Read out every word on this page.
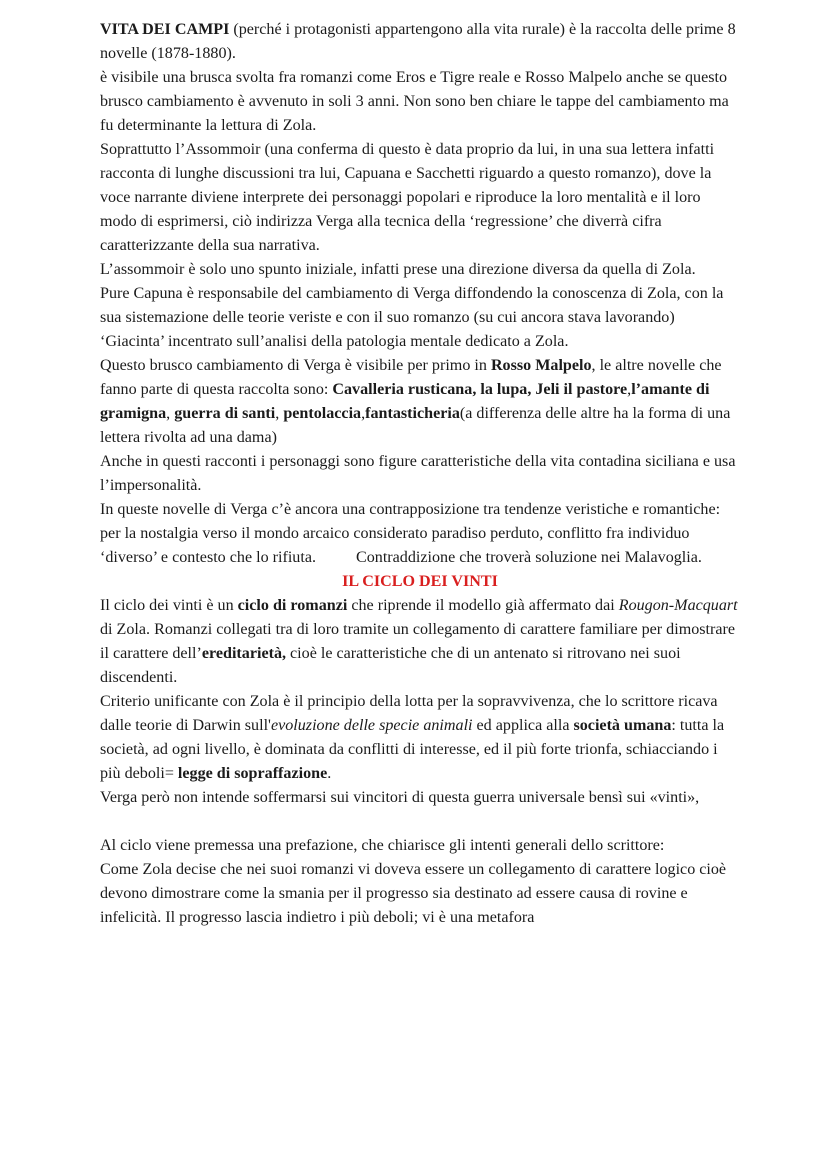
VITA DEI CAMPI (perché i protagonisti appartengono alla vita rurale) è la raccolta delle prime 8 novelle (1878-1880).

è visibile una brusca svolta fra romanzi come Eros e Tigre reale e Rosso Malpelo anche se questo brusco cambiamento è avvenuto in soli 3 anni. Non sono ben chiare le tappe del cambiamento ma fu determinante la lettura di Zola.

Soprattutto l’Assommoir (una conferma di questo è data proprio da lui, in una sua lettera infatti racconta di lunghe discussioni tra lui, Capuana e Sacchetti riguardo a questo romanzo), dove la voce narrante diviene interprete dei personaggi popolari e riproduce la loro mentalità e il loro modo di esprimersi, ciò indirizza Verga alla tecnica della ‘regressione’ che diverrà cifra caratterizzante della sua narrativa.

L’assommoir è solo uno spunto iniziale, infatti prese una direzione diversa da quella di Zola.

Pure Capuna è responsabile del cambiamento di Verga diffondendo la conoscenza di Zola, con la sua sistemazione delle teorie veriste e con il suo romanzo (su cui ancora stava lavorando) ‘Giacinta’ incentrato sull’analisi della patologia mentale dedicato a Zola.

Questo brusco cambiamento di Verga è visibile per primo in Rosso Malpelo, le altre novelle che fanno parte di questa raccolta sono: Cavalleria rusticana, la lupa, Jeli il pastore,l’amante di gramigna, guerra di santi, pentolaccia,fantasticheria(a differenza delle altre ha la forma di una lettera rivolta ad una dama)

Anche in questi racconti i personaggi sono figure caratteristiche della vita contadina siciliana e usa l’impersonalità.

In queste novelle di Verga c’è ancora una contrapposizione tra tendenze veristiche e romantiche: per la nostalgia verso il mondo arcaico considerato paradiso perduto, conflitto fra individuo ‘diverso’ e contesto che lo rifiuta. Contraddizione che troverà soluzione nei Malavoglia.

IL CICLO DEI VINTI

Il ciclo dei vinti è un ciclo di romanzi che riprende il modello già affermato dai Rougon-Macquart di Zola. Romanzi collegati tra di loro tramite un collegamento di carattere familiare per dimostrare il carattere dell’ereditarietà, cioè le caratteristiche che di un antenato si ritrovano nei suoi discendenti.

Criterio unificante con Zola è il principio della lotta per la sopravvivenza, che lo scrittore ricava dalle teorie di Darwin sull'evoluzione delle specie animali ed applica alla società umana: tutta la società, ad ogni livello, è dominata da conflitti di interesse, ed il più forte trionfa, schiacciando i più deboli= legge di sopraffazione.

Verga però non intende soffermarsi sui vincitori di questa guerra universale bensì sui «vinti»,

Al ciclo viene premessa una prefazione, che chiarisce gli intenti generali dello scrittore:

Come Zola decise che nei suoi romanzi vi doveva essere un collegamento di carattere logico cioè devono dimostrare come la smania per il progresso sia destinato ad essere causa di rovine e infelicità. Il progresso lascia indietro i più deboli; vi è una metafora
